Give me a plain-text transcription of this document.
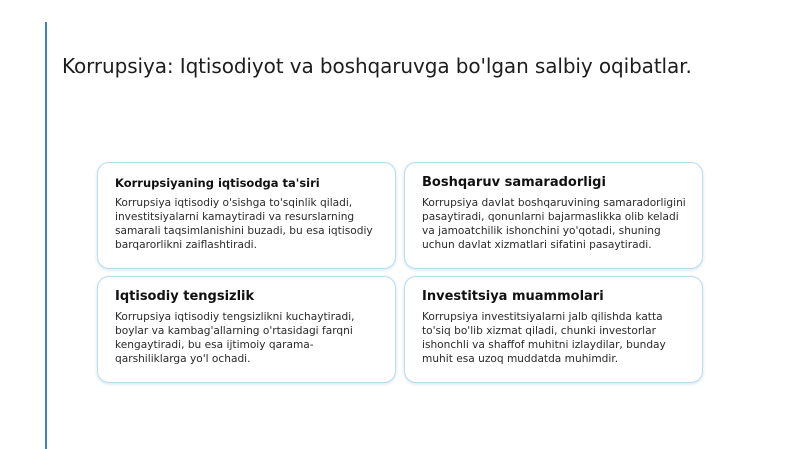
Korrupsiya: Iqtisodiyot va boshqaruvga bo'lgan salbiy oqibatlar.
Korrupsiyaning iqtisodga ta'siri

Korrupsiya iqtisodiy o'sishga to'sqinlik qiladi, investitsiyalarni kamaytiradi va resurslarning samarali taqsimlanishini buzadi, bu esa iqtisodiy barqarorlikni zaiflashtiradi.

Boshqaruv samaradorligi

Korrupsiya davlat boshqaruvining samaradorligini pasaytiradi, qonunlarni bajarmaslikka olib keladi va jamoatchilik ishonchini yo'qotadi, shuning uchun davlat xizmatlari sifatini pasaytiradi.

Iqtisodiy tengsizlik

Korrupsiya iqtisodiy tengsizlikni kuchaytiradi, boylar va kambag'allarning o'rtasidagi farqni kengaytiradi, bu esa ijtimoiy qarama-qarshiliklarga yo'l ochadi.

Investitsiya muammolari

Korrupsiya investitsiyalarni jalb qilishda katta to'siq bo'lib xizmat qiladi, chunki investorlar ishonchli va shaffof muhitni izlaydilar, bunday muhit esa uzoq muddatda muhimdir.
